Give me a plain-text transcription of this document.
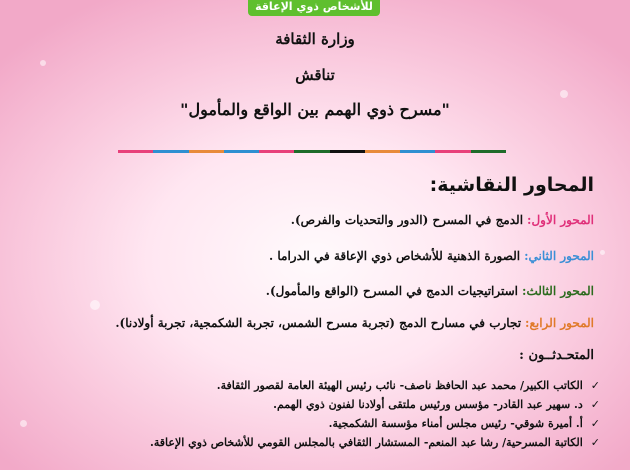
للأشخاص ذوي الإعاقة
وزارة الثقافة
تناقش
"مسرح ذوي الهمم بين الواقع والمأمول"
المحاور النقاشية:
المحور الأول:الدمج في المسرح (الدور والتحديات والفرص).
المحور الثاني:الصورة الذهنية للأشخاص ذوي الإعاقة في الدراما .
المحور الثالث:استراتيجيات الدمج في المسرح (الواقع والمأمول).
المحور الرابع:تجارب في مسارح الدمج (تجربة مسرح الشمس، تجربة الشكمجية، تجربة أولادنا).
المتحـدثــون :
✓الكاتب الكبير/ محمد عبد الحافظ ناصف- نائب رئيس الهيئة العامة لقصور الثقافة.
✓د. سهير عبد القادر- مؤسس ورئيس ملتقى أولادنا لفنون ذوي الهمم.
✓أ. أميرة شوقي- رئيس مجلس أمناء مؤسسة الشكمجية.
✓الكاتبة المسرحية/ رشا عبد المنعم- المستشار الثقافي بالمجلس القومي للأشخاص ذوي الإعاقة.
